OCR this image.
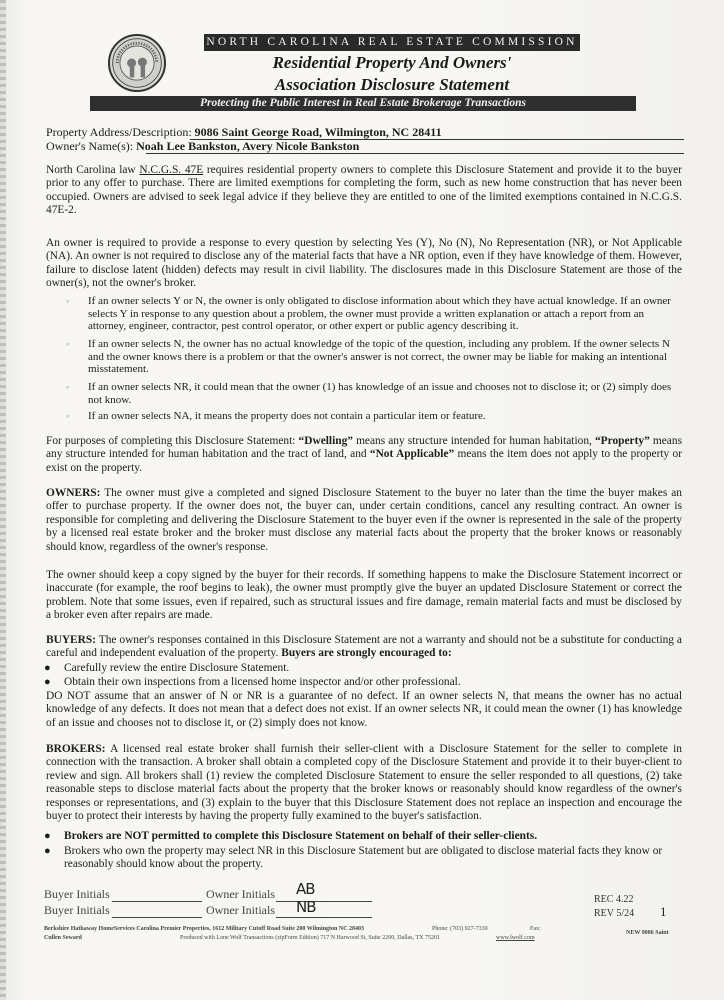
NORTH CAROLINA REAL ESTATE COMMISSION
Residential Property And Owners'
Association Disclosure Statement
Protecting the Public Interest in Real Estate Brokerage Transactions
Property Address/Description: 9086 Saint George Road, Wilmington, NC 28411
Owner's Name(s): Noah Lee Bankston, Avery Nicole Bankston
North Carolina law N.C.G.S. 47E requires residential property owners to complete this Disclosure Statement and provide it to the buyer prior to any offer to purchase. There are limited exemptions for completing the form, such as new home construction that has never been occupied. Owners are advised to seek legal advice if they believe they are entitled to one of the limited exemptions contained in N.C.G.S. 47E-2.
An owner is required to provide a response to every question by selecting Yes (Y), No (N), No Representation (NR), or Not Applicable (NA). An owner is not required to disclose any of the material facts that have a NR option, even if they have knowledge of them. However, failure to disclose latent (hidden) defects may result in civil liability. The disclosures made in this Disclosure Statement are those of the owner(s), not the owner's broker.
◦ If an owner selects Y or N, the owner is only obligated to disclose information about which they have actual knowledge. If an owner selects Y in response to any question about a problem, the owner must provide a written explanation or attach a report from an attorney, engineer, contractor, pest control operator, or other expert or public agency describing it.
◦ If an owner selects N, the owner has no actual knowledge of the topic of the question, including any problem. If the owner selects N and the owner knows there is a problem or that the owner's answer is not correct, the owner may be liable for making an intentional misstatement.
◦ If an owner selects NR, it could mean that the owner (1) has knowledge of an issue and chooses not to disclose it; or (2) simply does not know.
◦ If an owner selects NA, it means the property does not contain a particular item or feature.
For purposes of completing this Disclosure Statement: “Dwelling” means any structure intended for human habitation, “Property” means any structure intended for human habitation and the tract of land, and “Not Applicable” means the item does not apply to the property or exist on the property.
OWNERS: The owner must give a completed and signed Disclosure Statement to the buyer no later than the time the buyer makes an offer to purchase property. If the owner does not, the buyer can, under certain conditions, cancel any resulting contract. An owner is responsible for completing and delivering the Disclosure Statement to the buyer even if the owner is represented in the sale of the property by a licensed real estate broker and the broker must disclose any material facts about the property that the broker knows or reasonably should know, regardless of the owner's response.
The owner should keep a copy signed by the buyer for their records. If something happens to make the Disclosure Statement incorrect or inaccurate (for example, the roof begins to leak), the owner must promptly give the buyer an updated Disclosure Statement or correct the problem. Note that some issues, even if repaired, such as structural issues and fire damage, remain material facts and must be disclosed by a broker even after repairs are made.
BUYERS: The owner's responses contained in this Disclosure Statement are not a warranty and should not be a substitute for conducting a careful and independent evaluation of the property. Buyers are strongly encouraged to:
● Carefully review the entire Disclosure Statement.
● Obtain their own inspections from a licensed home inspector and/or other professional.
DO NOT assume that an answer of N or NR is a guarantee of no defect. If an owner selects N, that means the owner has no actual knowledge of any defects. It does not mean that a defect does not exist. If an owner selects NR, it could mean the owner (1) has knowledge of an issue and chooses not to disclose it, or (2) simply does not know.
BROKERS: A licensed real estate broker shall furnish their seller-client with a Disclosure Statement for the seller to complete in connection with the transaction. A broker shall obtain a completed copy of the Disclosure Statement and provide it to their buyer-client to review and sign. All brokers shall (1) review the completed Disclosure Statement to ensure the seller responded to all questions, (2) take reasonable steps to disclose material facts about the property that the broker knows or reasonably should know regardless of the owner's responses or representations, and (3) explain to the buyer that this Disclosure Statement does not replace an inspection and encourage the buyer to protect their interests by having the property fully examined to the buyer's satisfaction.
● Brokers are NOT permitted to complete this Disclosure Statement on behalf of their seller-clients.
● Brokers who own the property may select NR in this Disclosure Statement but are obligated to disclose material facts they know or reasonably should know about the property.
Buyer Initials	Owner Initials AB
Buyer Initials	Owner Initials NB	REC 4.22
REV 5/24 1
Berkshire Hathaway HomeServices Carolina Premier Properties, 1612 Military Cutoff Road Suite 200 Wilmington NC 28403	Phone: (703) 927-7339	Fax:
Cullen Seward	Produced with Lone Wolf Transactions (zipForm Edition) 717 N Harwood St, Suite 2200, Dallas, TX 75201	www.lwolf.com
NEW 9086 Saint
